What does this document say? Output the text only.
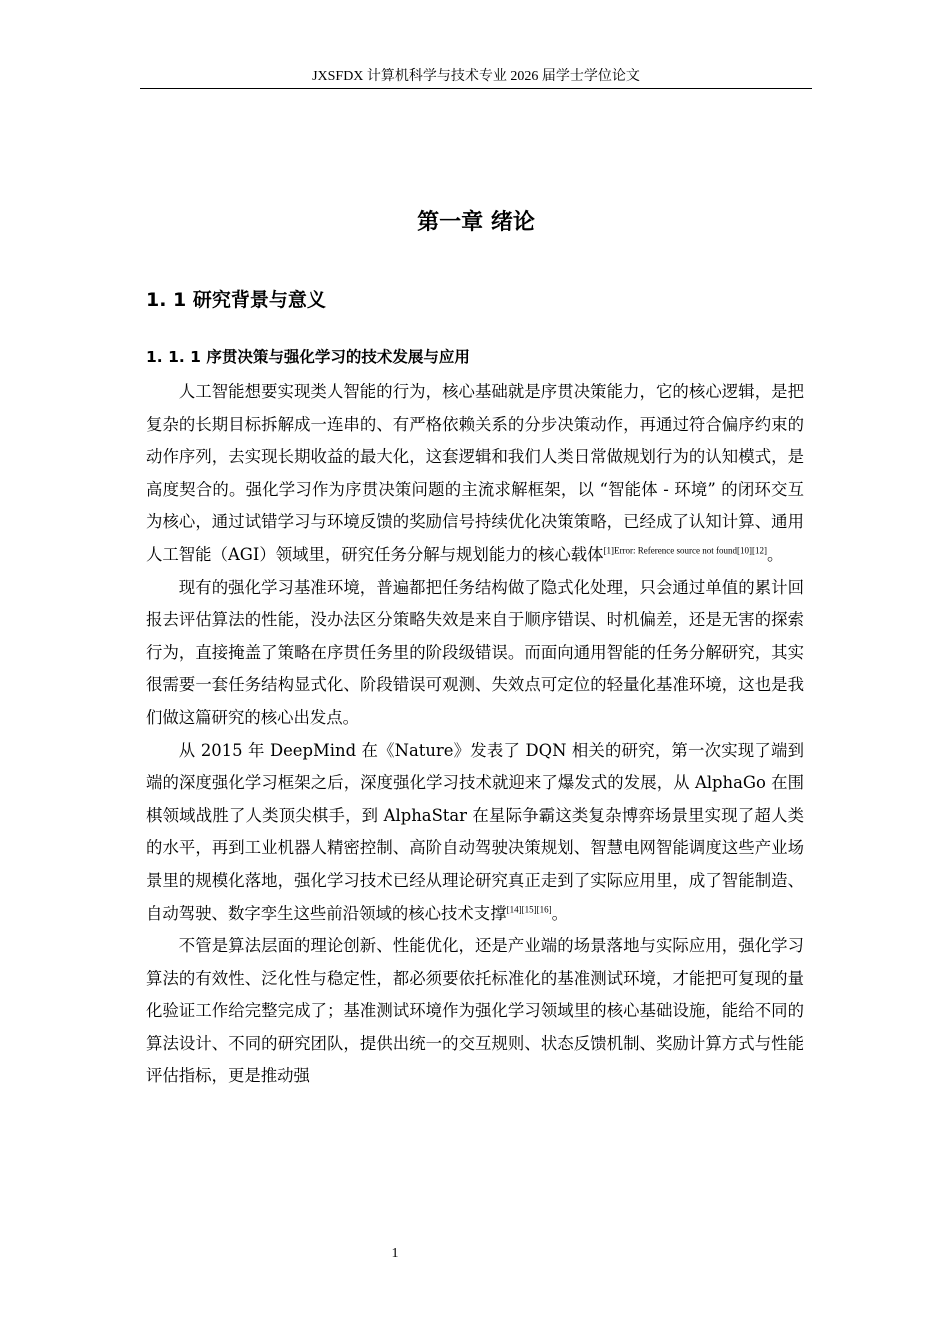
JXSFDX 计算机科学与技术专业 2026 届学士学位论文
第一章 绪论
1. 1 研究背景与意义
1. 1. 1 序贯决策与强化学习的技术发展与应用

人工智能想要实现类人智能的行为，核心基础就是序贯决策能力，它的核心逻辑，是把复杂的长期目标拆解成一连串的、有严格依赖关系的分步决策动作，再通过符合偏序约束的动作序列，去实现长期收益的最大化，这套逻辑和我们人类日常做规划行为的认知模式，是高度契合的。强化学习作为序贯决策问题的主流求解框架，以 “智能体 - 环境” 的闭环交互为核心，通过试错学习与环境反馈的奖励信号持续优化决策策略，已经成了认知计算、通用人工智能（AGI）领域里，研究任务分解与规划能力的核心载体[1]Error: Reference source not found[10][12]。

现有的强化学习基准环境，普遍都把任务结构做了隐式化处理，只会通过单值的累计回报去评估算法的性能，没办法区分策略失效是来自于顺序错误、时机偏差，还是无害的探索行为，直接掩盖了策略在序贯任务里的阶段级错误。而面向通用智能的任务分解研究，其实很需要一套任务结构显式化、阶段错误可观测、失效点可定位的轻量化基准环境，这也是我们做这篇研究的核心出发点。

从 2015 年 DeepMind 在《Nature》发表了 DQN 相关的研究，第一次实现了端到端的深度强化学习框架之后，深度强化学习技术就迎来了爆发式的发展，从 AlphaGo 在围棋领域战胜了人类顶尖棋手，到 AlphaStar 在星际争霸这类复杂博弈场景里实现了超人类的水平，再到工业机器人精密控制、高阶自动驾驶决策规划、智慧电网智能调度这些产业场景里的规模化落地，强化学习技术已经从理论研究真正走到了实际应用里，成了智能制造、自动驾驶、数字孪生这些前沿领域的核心技术支撑[14][15][16]。

不管是算法层面的理论创新、性能优化，还是产业端的场景落地与实际应用，强化学习算法的有效性、泛化性与稳定性，都必须要依托标准化的基准测试环境，才能把可复现的量化验证工作给完整完成了；基准测试环境作为强化学习领域里的核心基础设施，能给不同的算法设计、不同的研究团队，提供出统一的交互规则、状态反馈机制、奖励计算方式与性能评估指标，更是推动强

1
